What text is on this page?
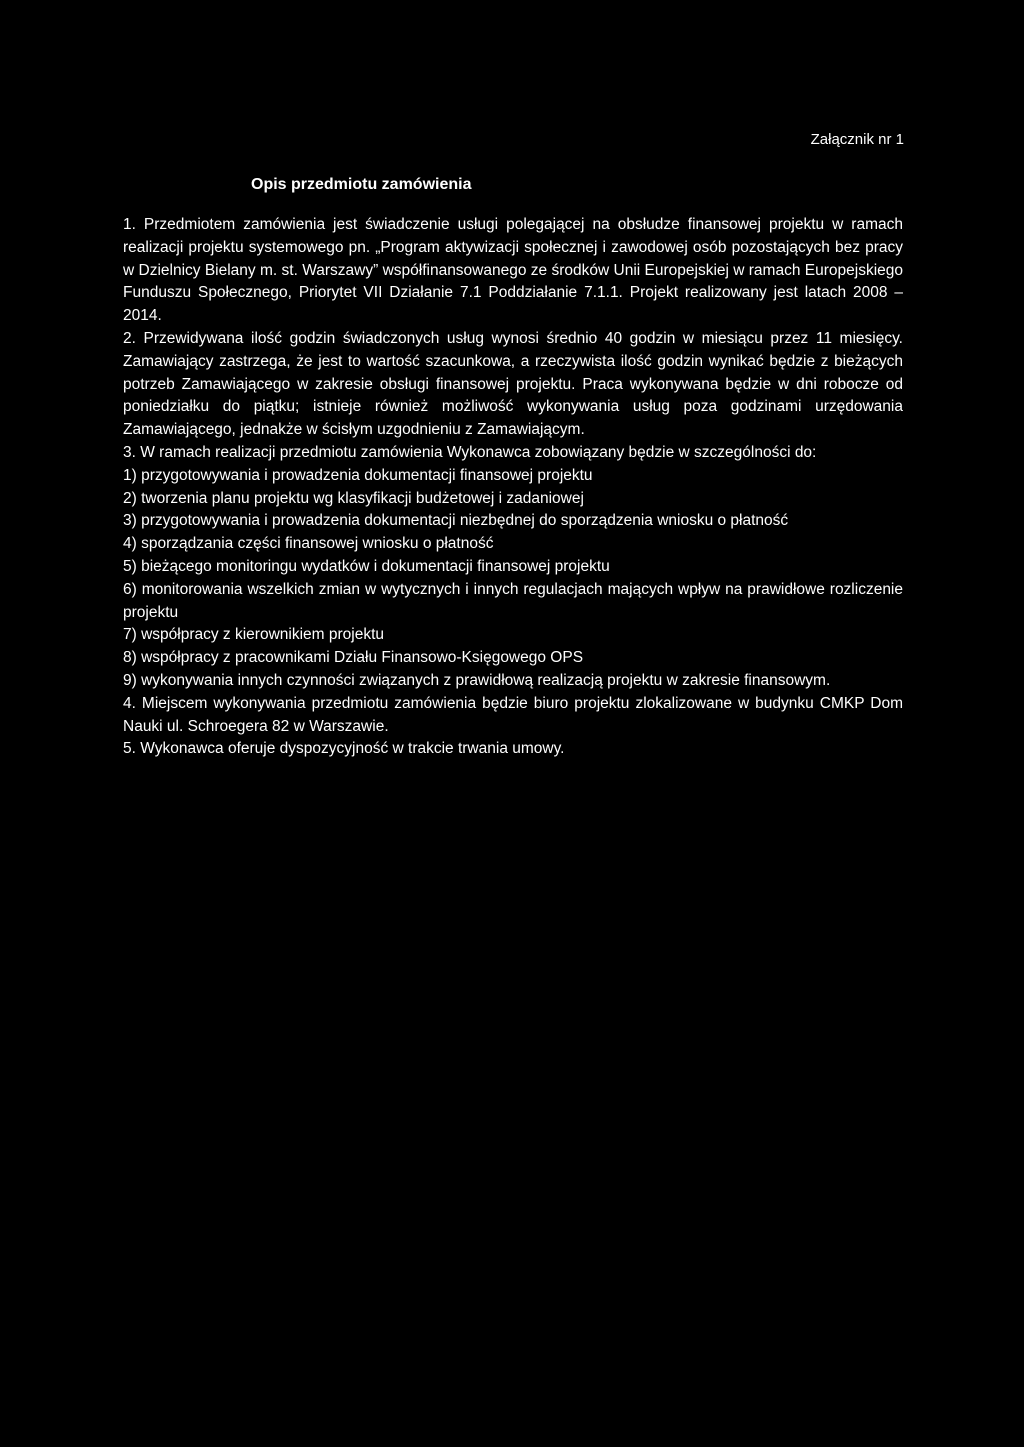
Załącznik nr 1
Opis przedmiotu zamówienia

1. Przedmiotem zamówienia jest świadczenie usługi polegającej na obsłudze finansowej projektu w ramach realizacji projektu systemowego pn. „Program aktywizacji społecznej i zawodowej osób pozostających bez pracy w Dzielnicy Bielany m. st. Warszawy” współfinansowanego ze środków Unii Europejskiej w ramach Europejskiego Funduszu Społecznego, Priorytet VII Działanie 7.1 Poddziałanie 7.1.1. Projekt realizowany jest latach 2008 – 2014.

2. Przewidywana ilość godzin świadczonych usług wynosi średnio 40 godzin w miesiącu przez 11 miesięcy. Zamawiający zastrzega, że jest to wartość szacunkowa, a rzeczywista ilość godzin wynikać będzie z bieżących potrzeb Zamawiającego w zakresie obsługi finansowej projektu. Praca wykonywana będzie w dni robocze od poniedziałku do piątku; istnieje również możliwość wykonywania usług poza godzinami urzędowania Zamawiającego, jednakże w ścisłym uzgodnieniu z Zamawiającym.

3. W ramach realizacji przedmiotu zamówienia Wykonawca zobowiązany będzie w szczególności do:

1) przygotowywania i prowadzenia dokumentacji finansowej projektu

2) tworzenia planu projektu wg klasyfikacji budżetowej i zadaniowej

3) przygotowywania i prowadzenia dokumentacji niezbędnej do sporządzenia wniosku o płatność

4) sporządzania części finansowej wniosku o płatność

5) bieżącego monitoringu wydatków i dokumentacji finansowej projektu

6) monitorowania wszelkich zmian w wytycznych i innych regulacjach mających wpływ na prawidłowe rozliczenie projektu

7) współpracy z kierownikiem projektu

8) współpracy z pracownikami Działu Finansowo-Księgowego OPS

9) wykonywania innych czynności związanych z prawidłową realizacją projektu w zakresie finansowym.

4. Miejscem wykonywania przedmiotu zamówienia będzie biuro projektu zlokalizowane w budynku CMKP Dom Nauki ul. Schroegera 82 w Warszawie.

5. Wykonawca oferuje dyspozycyjność w trakcie trwania umowy.
